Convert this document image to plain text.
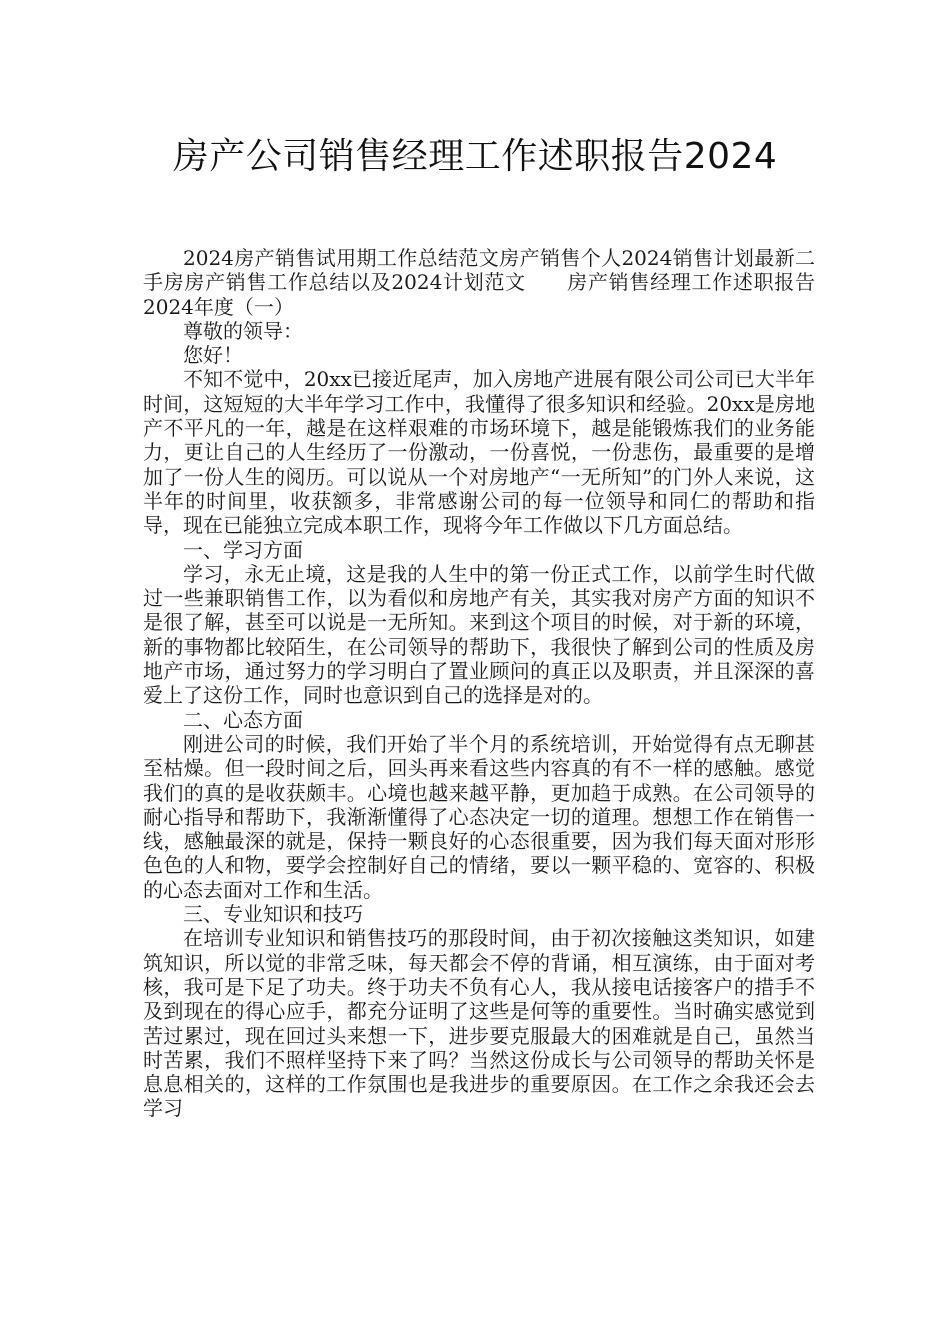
房产公司销售经理工作述职报告2024

2024房产销售试用期工作总结范文房产销售个人2024销售计划最新二手房房产销售工作总结以及2024计划范文　　房产销售经理工作述职报告2024年度（一）

尊敬的领导：

您好！

不知不觉中，20xx已接近尾声，加入房地产进展有限公司公司已大半年时间，这短短的大半年学习工作中，我懂得了很多知识和经验。20xx是房地产不平凡的一年，越是在这样艰难的市场环境下，越是能锻炼我们的业务能力，更让自己的人生经历了一份激动，一份喜悦，一份悲伤，最重要的是增加了一份人生的阅历。可以说从一个对房地产“一无所知”的门外人来说，这半年的时间里，收获额多，非常感谢公司的每一位领导和同仁的帮助和指导，现在已能独立完成本职工作，现将今年工作做以下几方面总结。

一、学习方面

学习，永无止境，这是我的人生中的第一份正式工作，以前学生时代做过一些兼职销售工作，以为看似和房地产有关，其实我对房产方面的知识不是很了解，甚至可以说是一无所知。来到这个项目的时候，对于新的环境，新的事物都比较陌生，在公司领导的帮助下，我很快了解到公司的性质及房地产市场，通过努力的学习明白了置业顾问的真正以及职责，并且深深的喜爱上了这份工作，同时也意识到自己的选择是对的。

二、心态方面

刚进公司的时候，我们开始了半个月的系统培训，开始觉得有点无聊甚至枯燥。但一段时间之后，回头再来看这些内容真的有不一样的感触。感觉我们的真的是收获颇丰。心境也越来越平静，更加趋于成熟。在公司领导的耐心指导和帮助下，我渐渐懂得了心态决定一切的道理。想想工作在销售一线，感触最深的就是，保持一颗良好的心态很重要，因为我们每天面对形形色色的人和物，要学会控制好自己的情绪，要以一颗平稳的、宽容的、积极的心态去面对工作和生活。

三、专业知识和技巧

在培训专业知识和销售技巧的那段时间，由于初次接触这类知识，如建筑知识，所以觉的非常乏味，每天都会不停的背诵，相互演练，由于面对考核，我可是下足了功夫。终于功夫不负有心人，我从接电话接客户的措手不及到现在的得心应手，都充分证明了这些是何等的重要性。当时确实感觉到苦过累过，现在回过头来想一下，进步要克服最大的困难就是自己，虽然当时苦累，我们不照样坚持下来了吗？当然这份成长与公司领导的帮助关怀是息息相关的，这样的工作氛围也是我进步的重要原因。在工作之余我还会去学习
